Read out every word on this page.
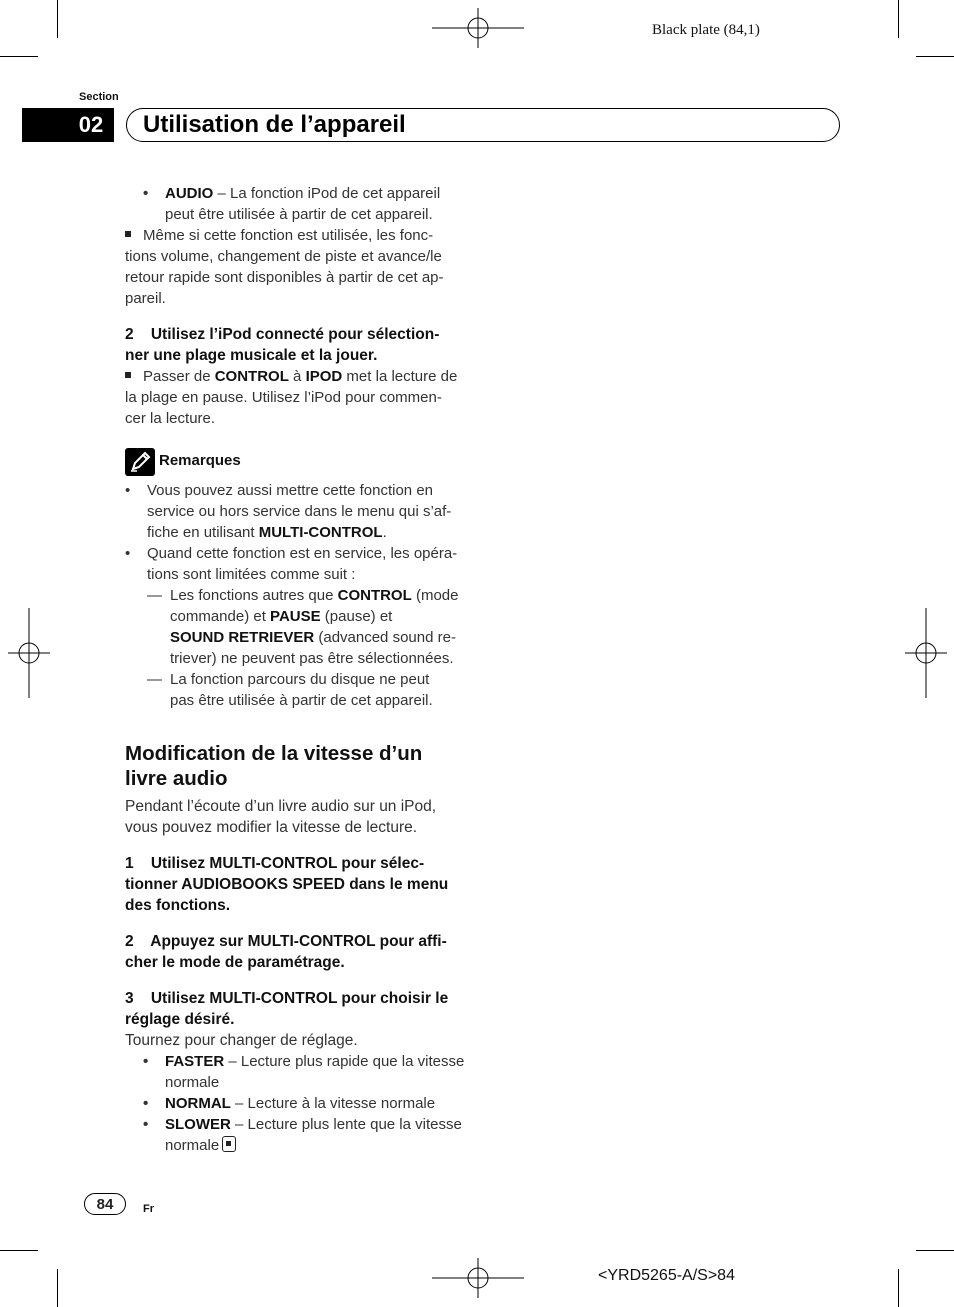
Black plate (84,1)
Section
02	Utilisation de l’appareil
• AUDIO – La fonction iPod de cet appareil
peut être utilisée à partir de cet appareil.
Même si cette fonction est utilisée, les fonc-
tions volume, changement de piste et avance/le
retour rapide sont disponibles à partir de cet ap-
pareil.
2    Utilisez l’iPod connecté pour sélection-
ner une plage musicale et la jouer.
Passer de CONTROL à IPOD met la lecture de
la plage en pause. Utilisez l’iPod pour commen-
cer la lecture.
Remarques
• Vous pouvez aussi mettre cette fonction en
service ou hors service dans le menu qui s’af-
fiche en utilisant MULTI-CONTROL.
• Quand cette fonction est en service, les opéra-
tions sont limitées comme suit :
— Les fonctions autres que CONTROL (mode
commande) et PAUSE (pause) et
SOUND RETRIEVER (advanced sound re-
triever) ne peuvent pas être sélectionnées.
— La fonction parcours du disque ne peut
pas être utilisée à partir de cet appareil.
Modification de la vitesse d’un
livre audio
Pendant l’écoute d’un livre audio sur un iPod,
vous pouvez modifier la vitesse de lecture.
1    Utilisez MULTI-CONTROL pour sélec-
tionner AUDIOBOOKS SPEED dans le menu
des fonctions.
2    Appuyez sur MULTI-CONTROL pour affi-
cher le mode de paramétrage.
3    Utilisez MULTI-CONTROL pour choisir le
réglage désiré.
Tournez pour changer de réglage.
• FASTER – Lecture plus rapide que la vitesse
normale
• NORMAL – Lecture à la vitesse normale
• SLOWER – Lecture plus lente que la vitesse
normale
84	Fr
<YRD5265-A/S>84
